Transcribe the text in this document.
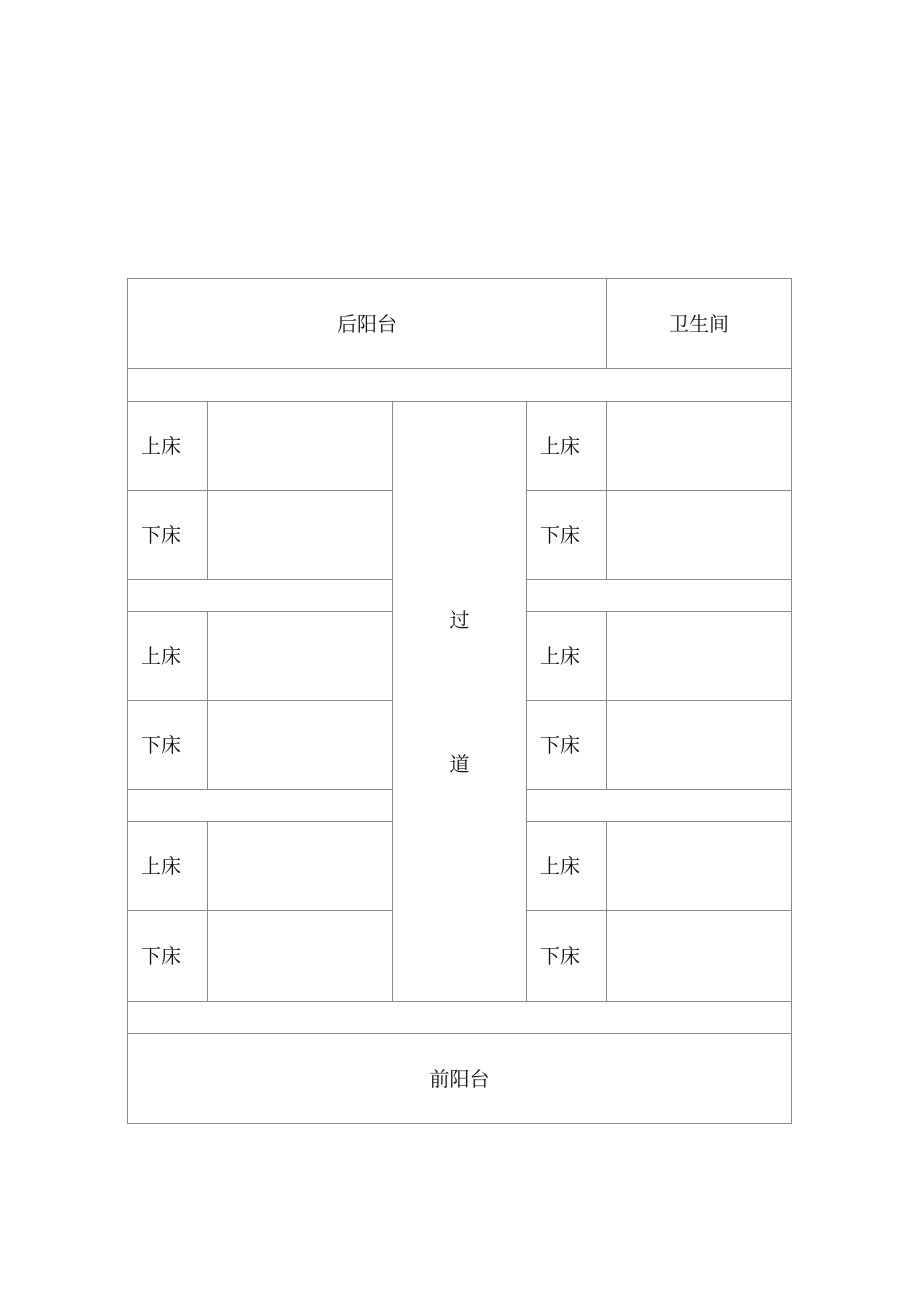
后阳台	卫生间
过
道
上床
下床
上床
下床
上床
下床
上床
下床
上床
下床
上床
下床
前阳台
